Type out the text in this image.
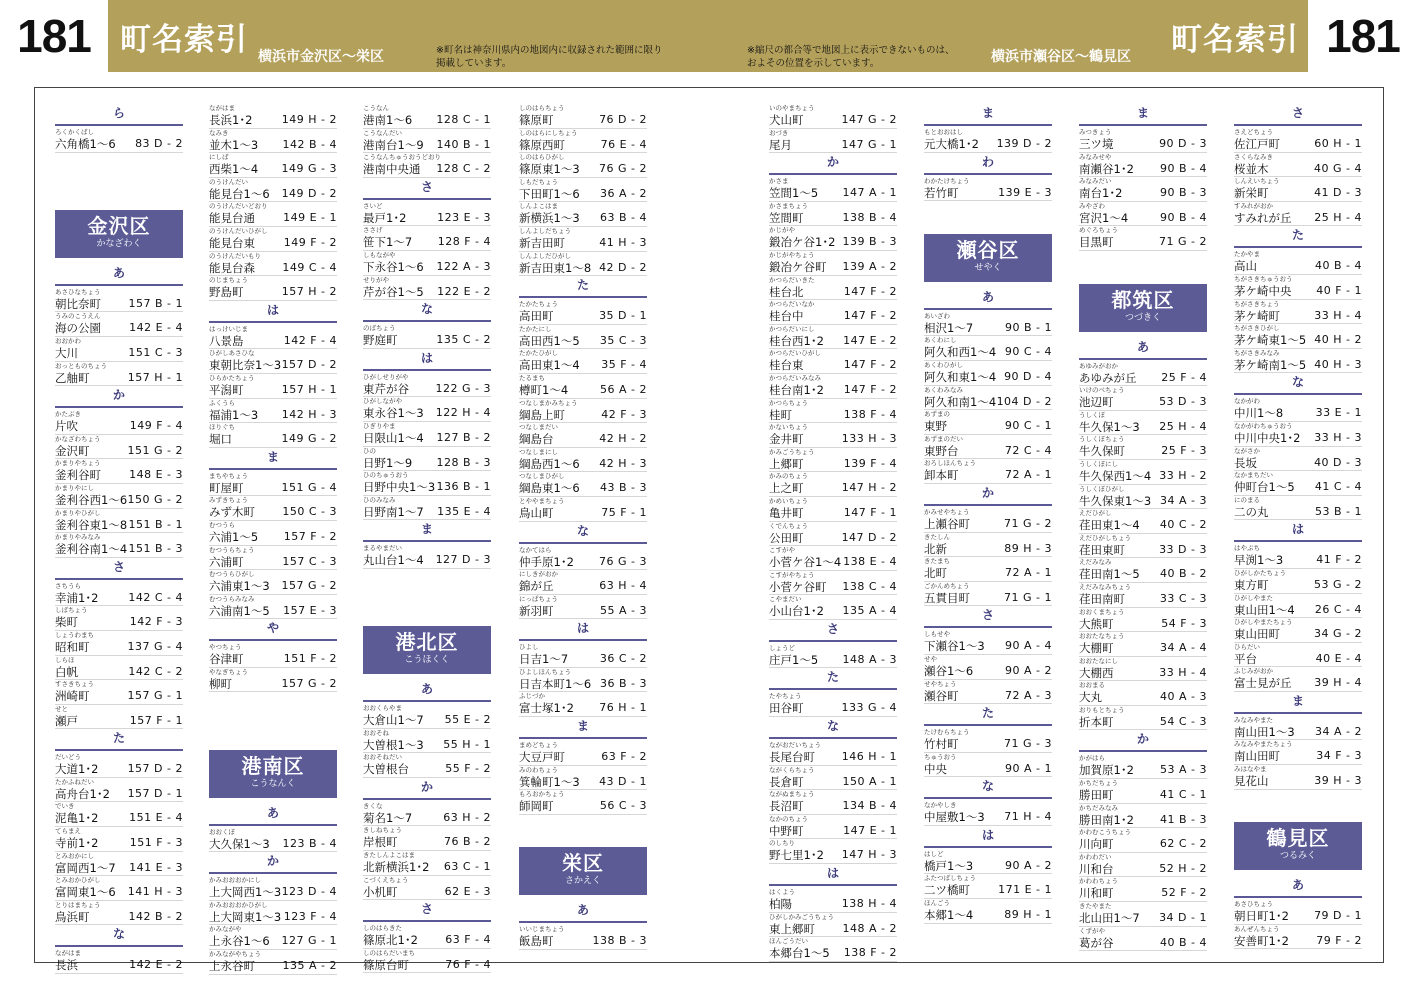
181 町名索引 横浜市金沢区～栄区	※町名は神奈川県内の地図内に収録された範囲に限り
掲載しています。
※縮尺の都合等で地図上に表示できないものは、
およその位置を示しています。	横浜市瀬谷区～鶴見区 町名索引 181
ら
ろくかくばし
六角橋1～6 83 D - 2
金沢区
かなざわく
あ
あさひなちょう
朝比奈町	157 B - 1
うみのこうえん
海の公園	142 E - 4
おおかわ
大川	151 C - 3
おっとものちょう
乙舳町	157 H - 1
か
かたぶき
片吹	149 F - 4
かなざわちょう
金沢町	151 G - 2
かまりやちょう
釜利谷町	148 E - 3
かまりやにし
釜利谷西1～6 150 G - 2
かまりやひがし
釜利谷東1～8 151 B - 1
かまりやみなみ
釜利谷南1～4 151 B - 3
さ
さちうら
幸浦1･2	142 C - 4
しばちょう
柴町	142 F - 3
しょうわまち
昭和町	137 G - 4
しらほ
白帆	142 C - 2
すさきちょう
洲崎町	157 G - 1
せと
瀬戸	157 F - 1
た
だいどう
大道1･2	157 D - 2
たかふねだい
高舟台1･2 157 D - 1
でいき
泥亀1･2	151 E - 4
てらまえ
寺前1･2	151 F - 3
とみおかにし
富岡西1～7 141 E - 3
とみおかひがし
富岡東1～6 141 H - 3
とりはまちょう
鳥浜町	142 B - 2
な
ながはま
長浜	142 E - 2
ながはま
長浜1･2	149 H - 2
なみき
並木1～3 142 B - 4
にしば
西柴1～4 149 G - 3
のうけんだい
能見台1～6 149 D - 2
のうけんだいどおり
能見台通	149 E - 1
のうけんだいひがし
能見台東	149 F - 2
のうけんだいもり
能見台森 149 C - 4
のじまちょう
野島町	157 H - 2
は
はっけいじま
八景島	142 F - 4
ひがしあさひな
東朝比奈1～3 157 D - 2
ひらかたちょう
平潟町	157 H - 1
ふくうら
福浦1～3 142 H - 3
ほりぐち
堀口	149 G - 2
ま
まちやちょう
町屋町	151 G - 4
みずきちょう
みず木町 150 C - 3
むつうら
六浦1～5 157 F - 2
むつうらちょう
六浦町	157 C - 3
むつうらひがし
六浦東1～3 157 G - 2
むつうらみなみ
六浦南1～5 157 E - 3
や
やつちょう
谷津町	151 F - 2
やなぎちょう
柳町	157 G - 2
港南区
こうなんく
あ
おおくぼ
大久保1～3 123 B - 4
か
かみおおおかにし
上大岡西1～3 123 D - 4
かみおおおかひがし
上大岡東1～3 123 F - 4
かみながや
上永谷1～6 127 G - 1
かみながやちょう
上永谷町	135 A - 2
こうなん
港南1～6 128 C - 1
こうなんだい
港南台1～9 140 B - 1
こうなんちゅうおうどおり
港南中央通 128 C - 2
さ
さいど
最戸1･2	123 E - 3
ささげ
笹下1～7 128 F - 4
しもながや
下永谷1～6 122 A - 3
せりがや
芹が谷1～5 122 E - 2
な
のばちょう
野庭町	135 C - 2
は
ひがしせりがや
東芹が谷 122 G - 3
ひがしながや
東永谷1～3 122 H - 4
ひぎりやま
日限山1～4 127 B - 2
ひの
日野1～9 128 B - 3
ひのちゅうおう
日野中央1～3 136 B - 1
ひのみなみ
日野南1～7 135 E - 4
ま
まるやまだい
丸山台1～4 127 D - 3
港北区
こうほくく
あ
おおくらやま
大倉山1～7 55 E - 2
おおそね
大曽根1～3 55 H - 1
おおそねだい
大曽根台	55 F - 2
か
きくな
菊名1～7	63 H - 2
きしねちょう
岸根町	76 B - 2
きたしんよこはま
北新横浜1･2 63 C - 1
こづくえちょう
小机町	62 E - 3
さ
しのはらきた
篠原北1･2 63 F - 4
しのはらだいまち
篠原台町	76 F - 4
しのはらちょう
篠原町	76 D - 2
しのはらにしちょう
篠原西町	76 E - 4
しのはらひがし
篠原東1～3 76 G - 2
しもだちょう
下田町1～6 36 A - 2
しんよこはま
新横浜1～3 63 B - 4
しんよしだちょう
新吉田町	41 H - 3
しんよしだひがし
新吉田東1～8 42 D - 2
た
たかたちょう
高田町	35 D - 1
たかたにし
高田西1～5 35 C - 3
たかたひがし
高田東1～4 35 F - 4
たるまち
樽町1～4	56 A - 2
つなしまかみちょう
綱島上町	42 F - 3
つなしまだい
綱島台	42 H - 2
つなしまにし
綱島西1～6 42 H - 3
つなしまひがし
綱島東1～6 43 B - 3
とややまちょう
鳥山町	75 F - 1
な
なかてはら
仲手原1･2 76 G - 3
にしきがおか
錦が丘	63 H - 4
にっぱちょう
新羽町	55 A - 3
は
ひよし
日吉1～7	36 C - 2
ひよしほんちょう
日吉本町1～6 36 B - 3
ふじづか
富士塚1･2 76 H - 1
ま
まめどちょう
大豆戸町	63 F - 2
みのわちょう
箕輪町1～3 43 D - 1
もろおかちょう
師岡町	56 C - 3
栄区
さかえく
あ
いいじまちょう
飯島町	138 B - 3
いのやまちょう
犬山町	147 G - 2
おづき
尾月	147 G - 1
か
かさま
笠間1～5 147 A - 1
かさまちょう
笠間町	138 B - 4
かじがや
鍛冶ケ谷1･2 139 B - 3
かじがやちょう
鍛冶ケ谷町 139 A - 2
かつらだいきた
桂台北	147 F - 2
かつらだいなか
桂台中	147 F - 2
かつらだいにし
桂台西1･2 147 E - 2
かつらだいひがし
桂台東	147 F - 2
かつらだいみなみ
桂台南1･2 147 F - 2
かつらちょう
桂町	138 F - 4
かないちょう
金井町	133 H - 3
かみごうちょう
上郷町	139 F - 4
かみのちょう
上之町	147 H - 2
かめいちょう
亀井町	147 F - 1
くでんちょう
公田町	147 D - 2
こすがや
小菅ケ谷1～4 138 E - 4
こすがやちょう
小菅ケ谷町 138 C - 4
こやまだい
小山台1･2 135 A - 4
さ
しょうど
庄戸1～5 148 A - 3
た
たやちょう
田谷町	133 G - 4
な
ながおだいちょう
長尾台町 146 H - 1
ながくらちょう
長倉町	150 A - 1
ながぬまちょう
長沼町	134 B - 4
なかのちょう
中野町	147 E - 1
のしちり
野七里1･2 147 H - 3
は
はくよう
柏陽	138 H - 4
ひがしかみごうちょう
東上郷町	148 A - 2
ほんごうだい
本郷台1～5 138 F - 2
ま
もとおおはし
元大橋1･2 139 D - 2
わ
わかたけちょう
若竹町	139 E - 3
瀬谷区
せやく
あ
あいざわ
相沢1～7	90 B - 1
あくわにし
阿久和西1～4 90 C - 4
あくわひがし
阿久和東1～4 90 D - 4
あくわみなみ
阿久和南1～4 104 D - 2
あずまの
東野	90 C - 1
あずまのだい
東野台	72 C - 4
おろしほんちょう
卸本町	72 A - 1
か
かみせやちょう
上瀬谷町	71 G - 2
きたしん
北新	89 H - 3
きたまち
北町	72 A - 1
ごかんめちょう
五貫目町	71 G - 1
さ
しもせや
下瀬谷1～3 90 A - 4
せや
瀬谷1～6	90 A - 2
せやちょう
瀬谷町	72 A - 3
た
たけむらちょう
竹村町	71 G - 3
ちゅうおう
中央	90 A - 1
な
なかやしき
中屋敷1～3 71 H - 4
は
はしど
橋戸1～3	90 A - 2
ふたつばしちょう
二ツ橋町	171 E - 1
ほんごう
本郷1～4	89 H - 1
ま
みつきょう
三ツ境	90 D - 3
みなみせや
南瀬谷1･2 90 B - 4
みなみだい
南台1･2	90 B - 3
みやざわ
宮沢1～4	90 B - 4
めぐろちょう
目黒町	71 G - 2
都筑区
つづきく
あ
あゆみがおか
あゆみが丘 25 F - 4
いけのべちょう
池辺町	53 D - 3
うしくぼ
牛久保1～3 25 H - 4
うしくぼちょう
牛久保町	25 F - 3
うしくぼにし
牛久保西1～4 33 H - 2
うしくぼひがし
牛久保東1～3 34 A - 3
えだひがし
荏田東1～4 40 C - 2
えだひがしちょう
荏田東町	33 D - 3
えだみなみ
荏田南1～5 40 B - 2
えだみなみちょう
荏田南町	33 C - 3
おおくまちょう
大熊町	54 F - 3
おおたなちょう
大棚町	34 A - 4
おおたなにし
大棚西	33 H - 4
おおまる
大丸	40 A - 3
おりもとちょう
折本町	54 C - 3
か
かがはら
加賀原1･2 53 A - 3
かちだちょう
勝田町	41 C - 1
かちだみなみ
勝田南1･2 41 B - 3
かわむこうちょう
川向町	62 C - 2
かわわだい
川和台	52 H - 2
かわわちょう
川和町	52 F - 2
きたやまた
北山田1～7 34 D - 1
くずがや
葛が谷	40 B - 4
さ
さえどちょう
佐江戸町	60 H - 1
さくらなみき
桜並木	40 G - 4
しんえいちょう
新栄町	41 D - 3
すみれがおか
すみれが丘 25 H - 4
た
たかやま
高山	40 B - 4
ちがさきちゅうおう
茅ケ崎中央 40 F - 1
ちがさきちょう
茅ケ崎町	33 H - 4
ちがさきひがし
茅ケ崎東1～5 40 H - 2
ちがさきみなみ
茅ケ崎南1～5 40 H - 3
な
なかがわ
中川1～8	33 E - 1
なかがわちゅうおう
中川中央1･2 33 H - 3
ながさか
長坂	40 D - 3
なかまちだい
仲町台1～5 41 C - 4
にのまる
二の丸	53 B - 1
は
はやぶち
早渕1～3	41 F - 2
ひがしかたちょう
東方町	53 G - 2
ひがしやまた
東山田1～4 26 C - 4
ひがしやまたちょう
東山田町	34 G - 2
ひらだい
平台	40 E - 4
ふじみがおか
富士見が丘 39 H - 4
ま
みなみやまた
南山田1～3 34 A - 2
みなみやまたちょう
南山田町	34 F - 3
みはなやま
見花山	39 H - 3
鶴見区
つるみく
あ
あさひちょう
朝日町1･2 79 D - 1
あんぜんちょう
安善町1･2 79 F - 2
